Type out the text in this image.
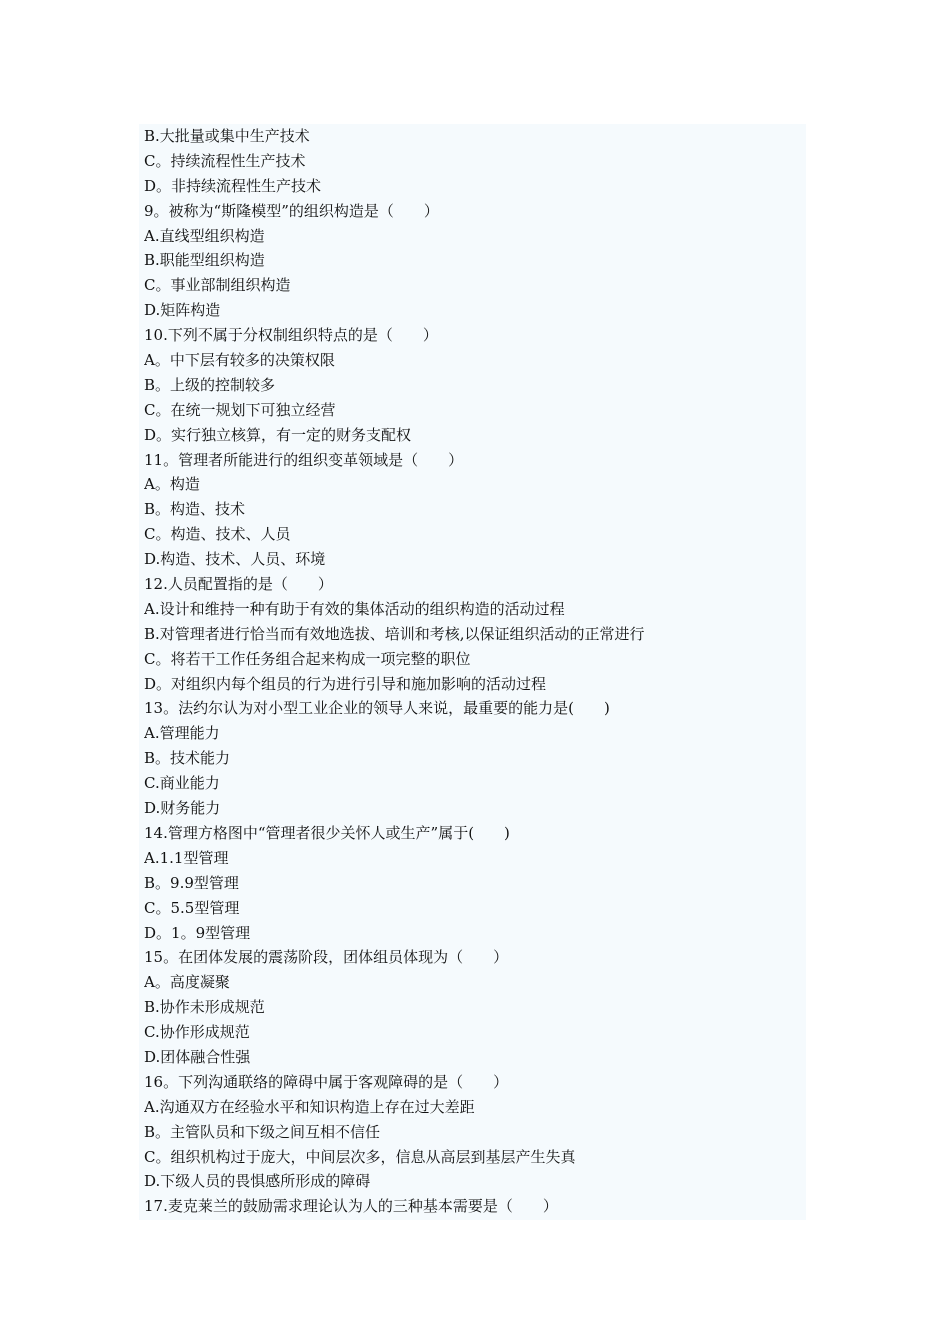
B.大批量或集中生产技术
C。持续流程性生产技术
D。非持续流程性生产技术
9。被称为“斯隆模型”的组织构造是（　　）
A.直线型组织构造
B.职能型组织构造
C。事业部制组织构造
D.矩阵构造
10.下列不属于分权制组织特点的是（　　）
A。中下层有较多的决策权限
B。上级的控制较多
C。在统一规划下可独立经营
D。实行独立核算，有一定的财务支配权
11。管理者所能进行的组织变革领域是（　　）
A。构造
B。构造、技术
C。构造、技术、人员
D.构造、技术、人员、环境
12.人员配置指的是（　　）
A.设计和维持一种有助于有效的集体活动的组织构造的活动过程
B.对管理者进行恰当而有效地选拔、培训和考核,以保证组织活动的正常进行
C。将若干工作任务组合起来构成一项完整的职位
D。对组织内每个组员的行为进行引导和施加影响的活动过程
13。法约尔认为对小型工业企业的领导人来说，最重要的能力是(　　)
A.管理能力
B。技术能力
C.商业能力
D.财务能力
14.管理方格图中“管理者很少关怀人或生产”属于(　　)
A.1.1型管理
B。9.9型管理
C。5.5型管理
D。1。9型管理
15。在团体发展的震荡阶段，团体组员体现为（　　）
A。高度凝聚
B.协作未形成规范
C.协作形成规范
D.团体融合性强
16。下列沟通联络的障碍中属于客观障碍的是（　　）
A.沟通双方在经验水平和知识构造上存在过大差距
B。主管队员和下级之间互相不信任
C。组织机构过于庞大，中间层次多，信息从高层到基层产生失真
D.下级人员的畏惧感所形成的障碍
17.麦克莱兰的鼓励需求理论认为人的三种基本需要是（　　）
